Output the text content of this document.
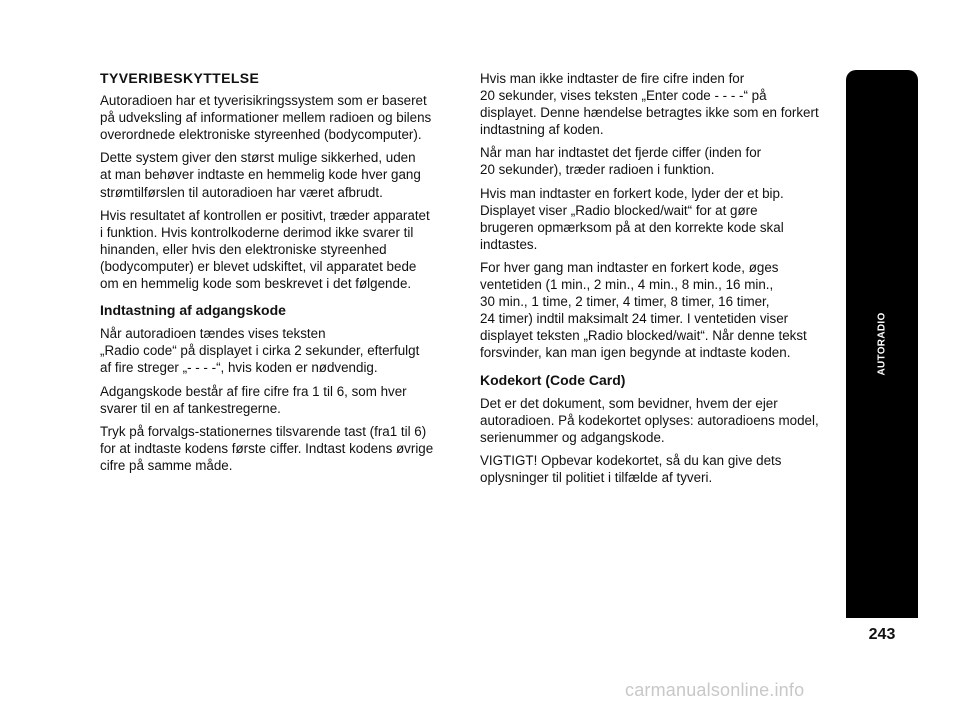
TYVERIBESKYTTELSE

Autoradioen har et tyverisikringssystem som er baseret
på udveksling af informationer mellem radioen og bilens
overordnede elektroniske styreenhed (bodycomputer).

Dette system giver den størst mulige sikkerhed, uden
at man behøver indtaste en hemmelig kode hver gang
strømtilførslen til autoradioen har været afbrudt.

Hvis resultatet af kontrollen er positivt, træder apparatet
i funktion. Hvis kontrolkoderne derimod ikke svarer til
hinanden, eller hvis den elektroniske styreenhed
(bodycomputer) er blevet udskiftet, vil apparatet bede
om en hemmelig kode som beskrevet i det følgende.

Indtastning af adgangskode

Når autoradioen tændes vises teksten
„Radio code“ på displayet i cirka 2 sekunder, efterfulgt
af fire streger „- - - -“, hvis koden er nødvendig.

Adgangskode består af fire cifre fra 1 til 6, som hver
svarer til en af tankestregerne.

Tryk på forvalgs-stationernes tilsvarende tast (fra1 til 6)
for at indtaste kodens første ciffer. Indtast kodens øvrige
cifre på samme måde.

Hvis man ikke indtaster de fire cifre inden for
20 sekunder, vises teksten „Enter code - - - -“ på
displayet. Denne hændelse betragtes ikke som en forkert
indtastning af koden.

Når man har indtastet det fjerde ciffer (inden for
20 sekunder), træder radioen i funktion.

Hvis man indtaster en forkert kode, lyder der et bip.
Displayet viser „Radio blocked/wait“ for at gøre
brugeren opmærksom på at den korrekte kode skal
indtastes.

For hver gang man indtaster en forkert kode, øges
ventetiden (1 min., 2 min., 4 min., 8 min., 16 min.,
30 min., 1 time, 2 timer, 4 timer, 8 timer, 16 timer,
24 timer) indtil maksimalt 24 timer. I ventetiden viser
displayet teksten „Radio blocked/wait“. Når denne tekst
forsvinder, kan man igen begynde at indtaste koden.

Kodekort (Code Card)

Det er det dokument, som bevidner, hvem der ejer
autoradioen. På kodekortet oplyses: autoradioens model,
serienummer og adgangskode.

VIGTIGT! Opbevar kodekortet, så du kan give dets
oplysninger til politiet i tilfælde af tyveri.

AUTORADIO
243
carmanualsonline.info
